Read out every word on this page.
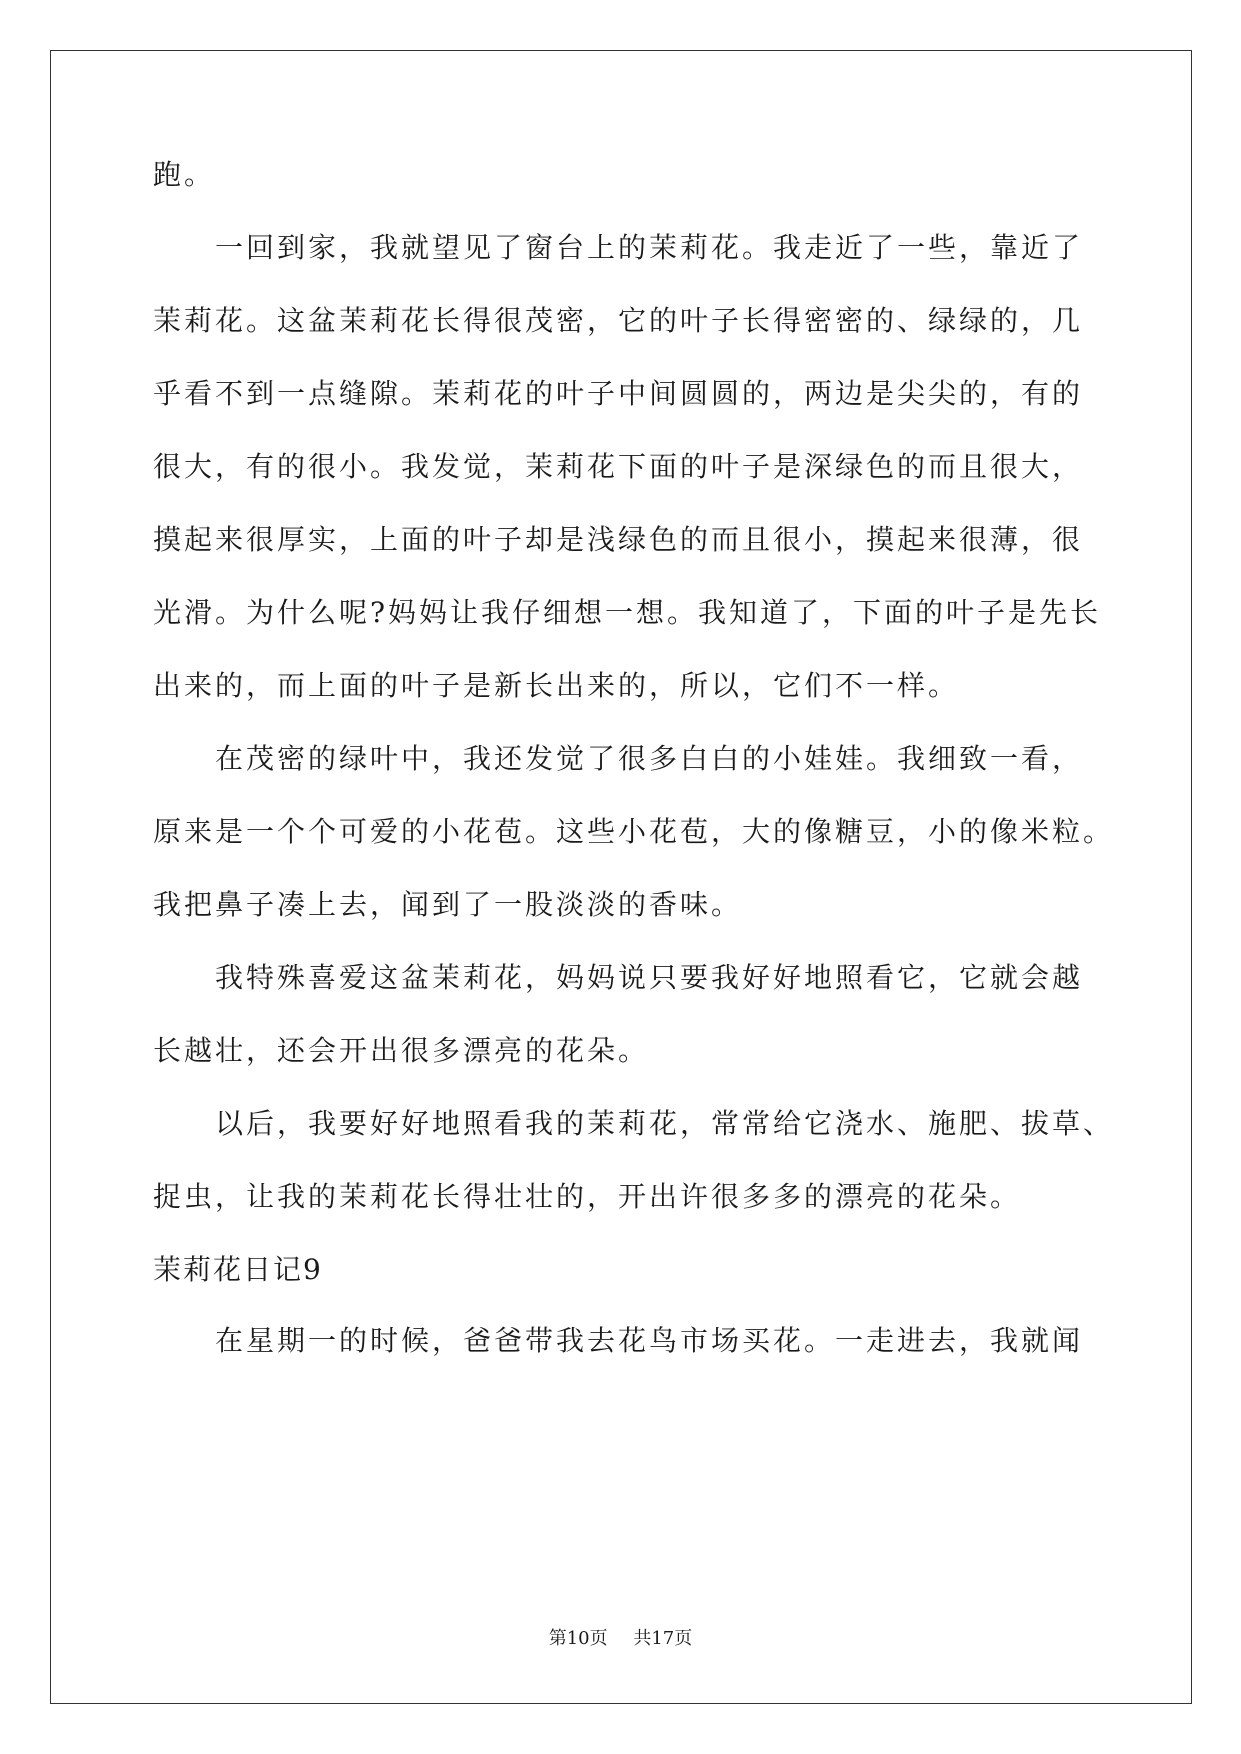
跑。
一回到家，我就望见了窗台上的茉莉花。我走近了一些，靠近了
茉莉花。这盆茉莉花长得很茂密，它的叶子长得密密的、绿绿的，几
乎看不到一点缝隙。茉莉花的叶子中间圆圆的，两边是尖尖的，有的
很大，有的很小。我发觉，茉莉花下面的叶子是深绿色的而且很大，
摸起来很厚实，上面的叶子却是浅绿色的而且很小，摸起来很薄，很
光滑。为什么呢?妈妈让我仔细想一想。我知道了，下面的叶子是先长
出来的，而上面的叶子是新长出来的，所以，它们不一样。
在茂密的绿叶中，我还发觉了很多白白的小娃娃。我细致一看，
原来是一个个可爱的小花苞。这些小花苞，大的像糖豆，小的像米粒。
我把鼻子凑上去，闻到了一股淡淡的香味。
我特殊喜爱这盆茉莉花，妈妈说只要我好好地照看它，它就会越
长越壮，还会开出很多漂亮的花朵。
以后，我要好好地照看我的茉莉花，常常给它浇水、施肥、拔草、
捉虫，让我的茉莉花长得壮壮的，开出许很多多的漂亮的花朵。
茉莉花日记9
在星期一的时候，爸爸带我去花鸟市场买花。一走进去，我就闻
第10页 共17页
